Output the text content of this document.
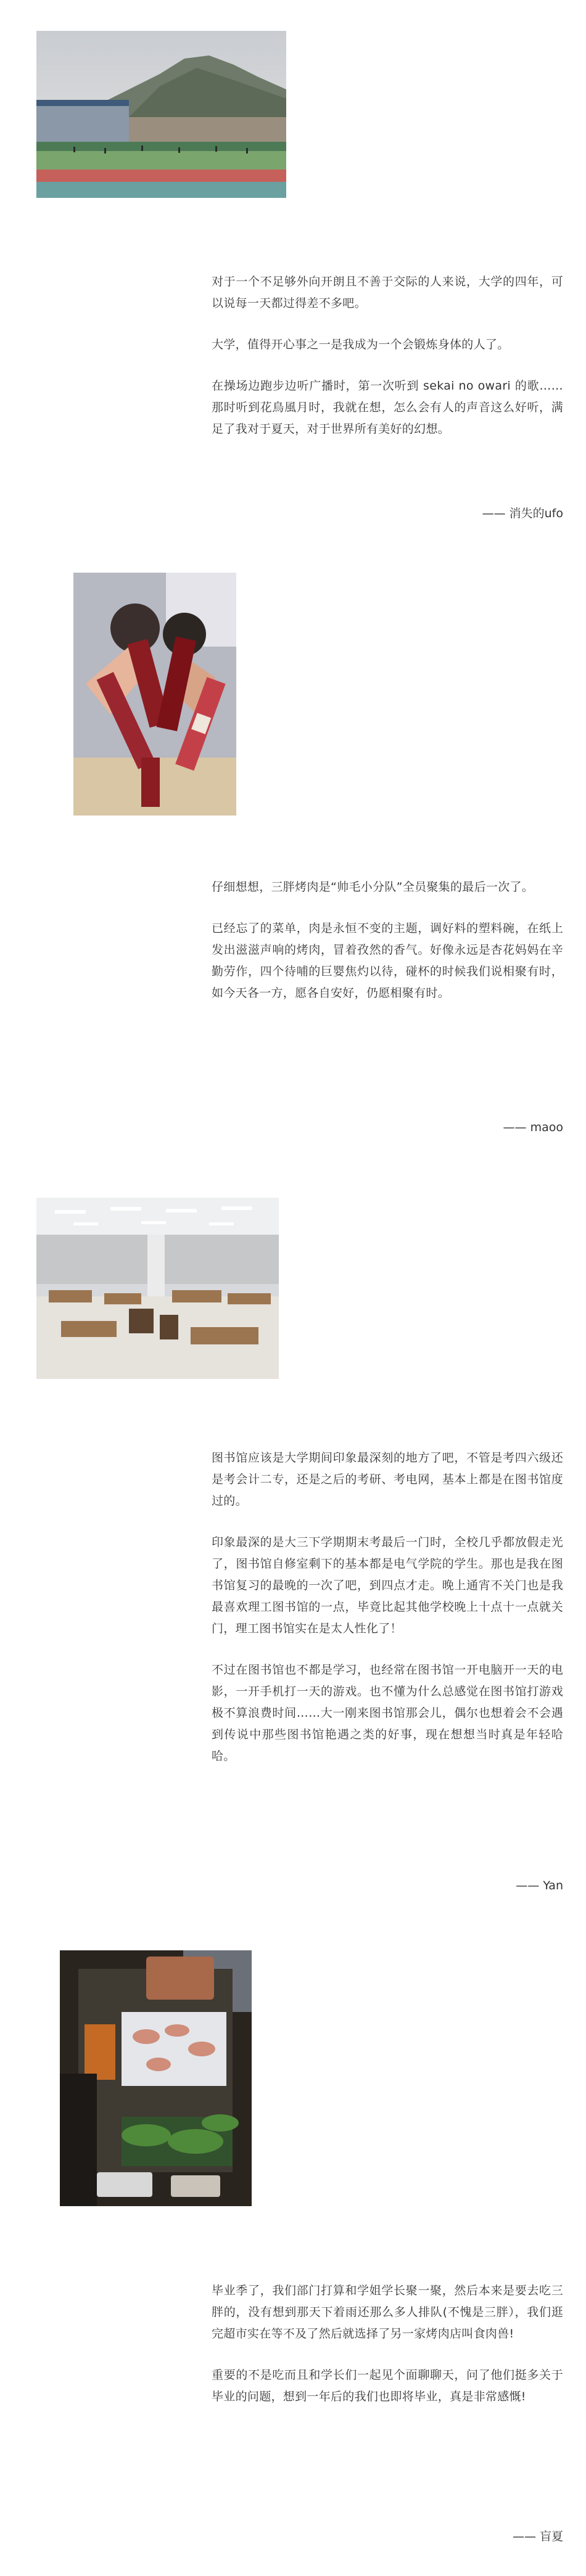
对于一个不足够外向开朗且不善于交际的人来说，大学的四年，可以说每一天都过得差不多吧。

大学，值得开心事之一是我成为一个会锻炼身体的人了。

在操场边跑步边听广播时，第一次听到 sekai no owari 的歌……那时听到花鳥風月时，我就在想，怎么会有人的声音这么好听，满足了我对于夏天，对于世界所有美好的幻想。

—— 消失的ufo

仔细想想，三胖烤肉是“帅毛小分队”全员聚集的最后一次了。

已经忘了的菜单，肉是永恒不变的主题，调好料的塑料碗，在纸上发出滋滋声响的烤肉，冒着孜然的香气。好像永远是杏花妈妈在辛勤劳作，四个待哺的巨婴焦灼以待，碰杯的时候我们说相聚有时，如今天各一方，愿各自安好，仍愿相聚有时。

—— maoo

图书馆应该是大学期间印象最深刻的地方了吧，不管是考四六级还是考会计二专，还是之后的考研、考电网，基本上都是在图书馆度过的。

印象最深的是大三下学期期末考最后一门时，全校几乎都放假走光了，图书馆自修室剩下的基本都是电气学院的学生。那也是我在图书馆复习的最晚的一次了吧，到四点才走。晚上通宵不关门也是我最喜欢理工图书馆的一点，毕竟比起其他学校晚上十点十一点就关门，理工图书馆实在是太人性化了！

不过在图书馆也不都是学习，也经常在图书馆一开电脑开一天的电影，一开手机打一天的游戏。也不懂为什么总感觉在图书馆打游戏极不算浪费时间……大一刚来图书馆那会儿，偶尔也想着会不会遇到传说中那些图书馆艳遇之类的好事，现在想想当时真是年轻哈哈。

—— Yan

毕业季了，我们部门打算和学姐学长聚一聚，然后本来是要去吃三胖的，没有想到那天下着雨还那么多人排队(不愧是三胖），我们逛完超市实在等不及了然后就选择了另一家烤肉店叫食肉兽!

重要的不是吃而且和学长们一起见个面聊聊天，问了他们挺多关于毕业的问题，想到一年后的我们也即将毕业，真是非常感慨!

—— 盲夏
